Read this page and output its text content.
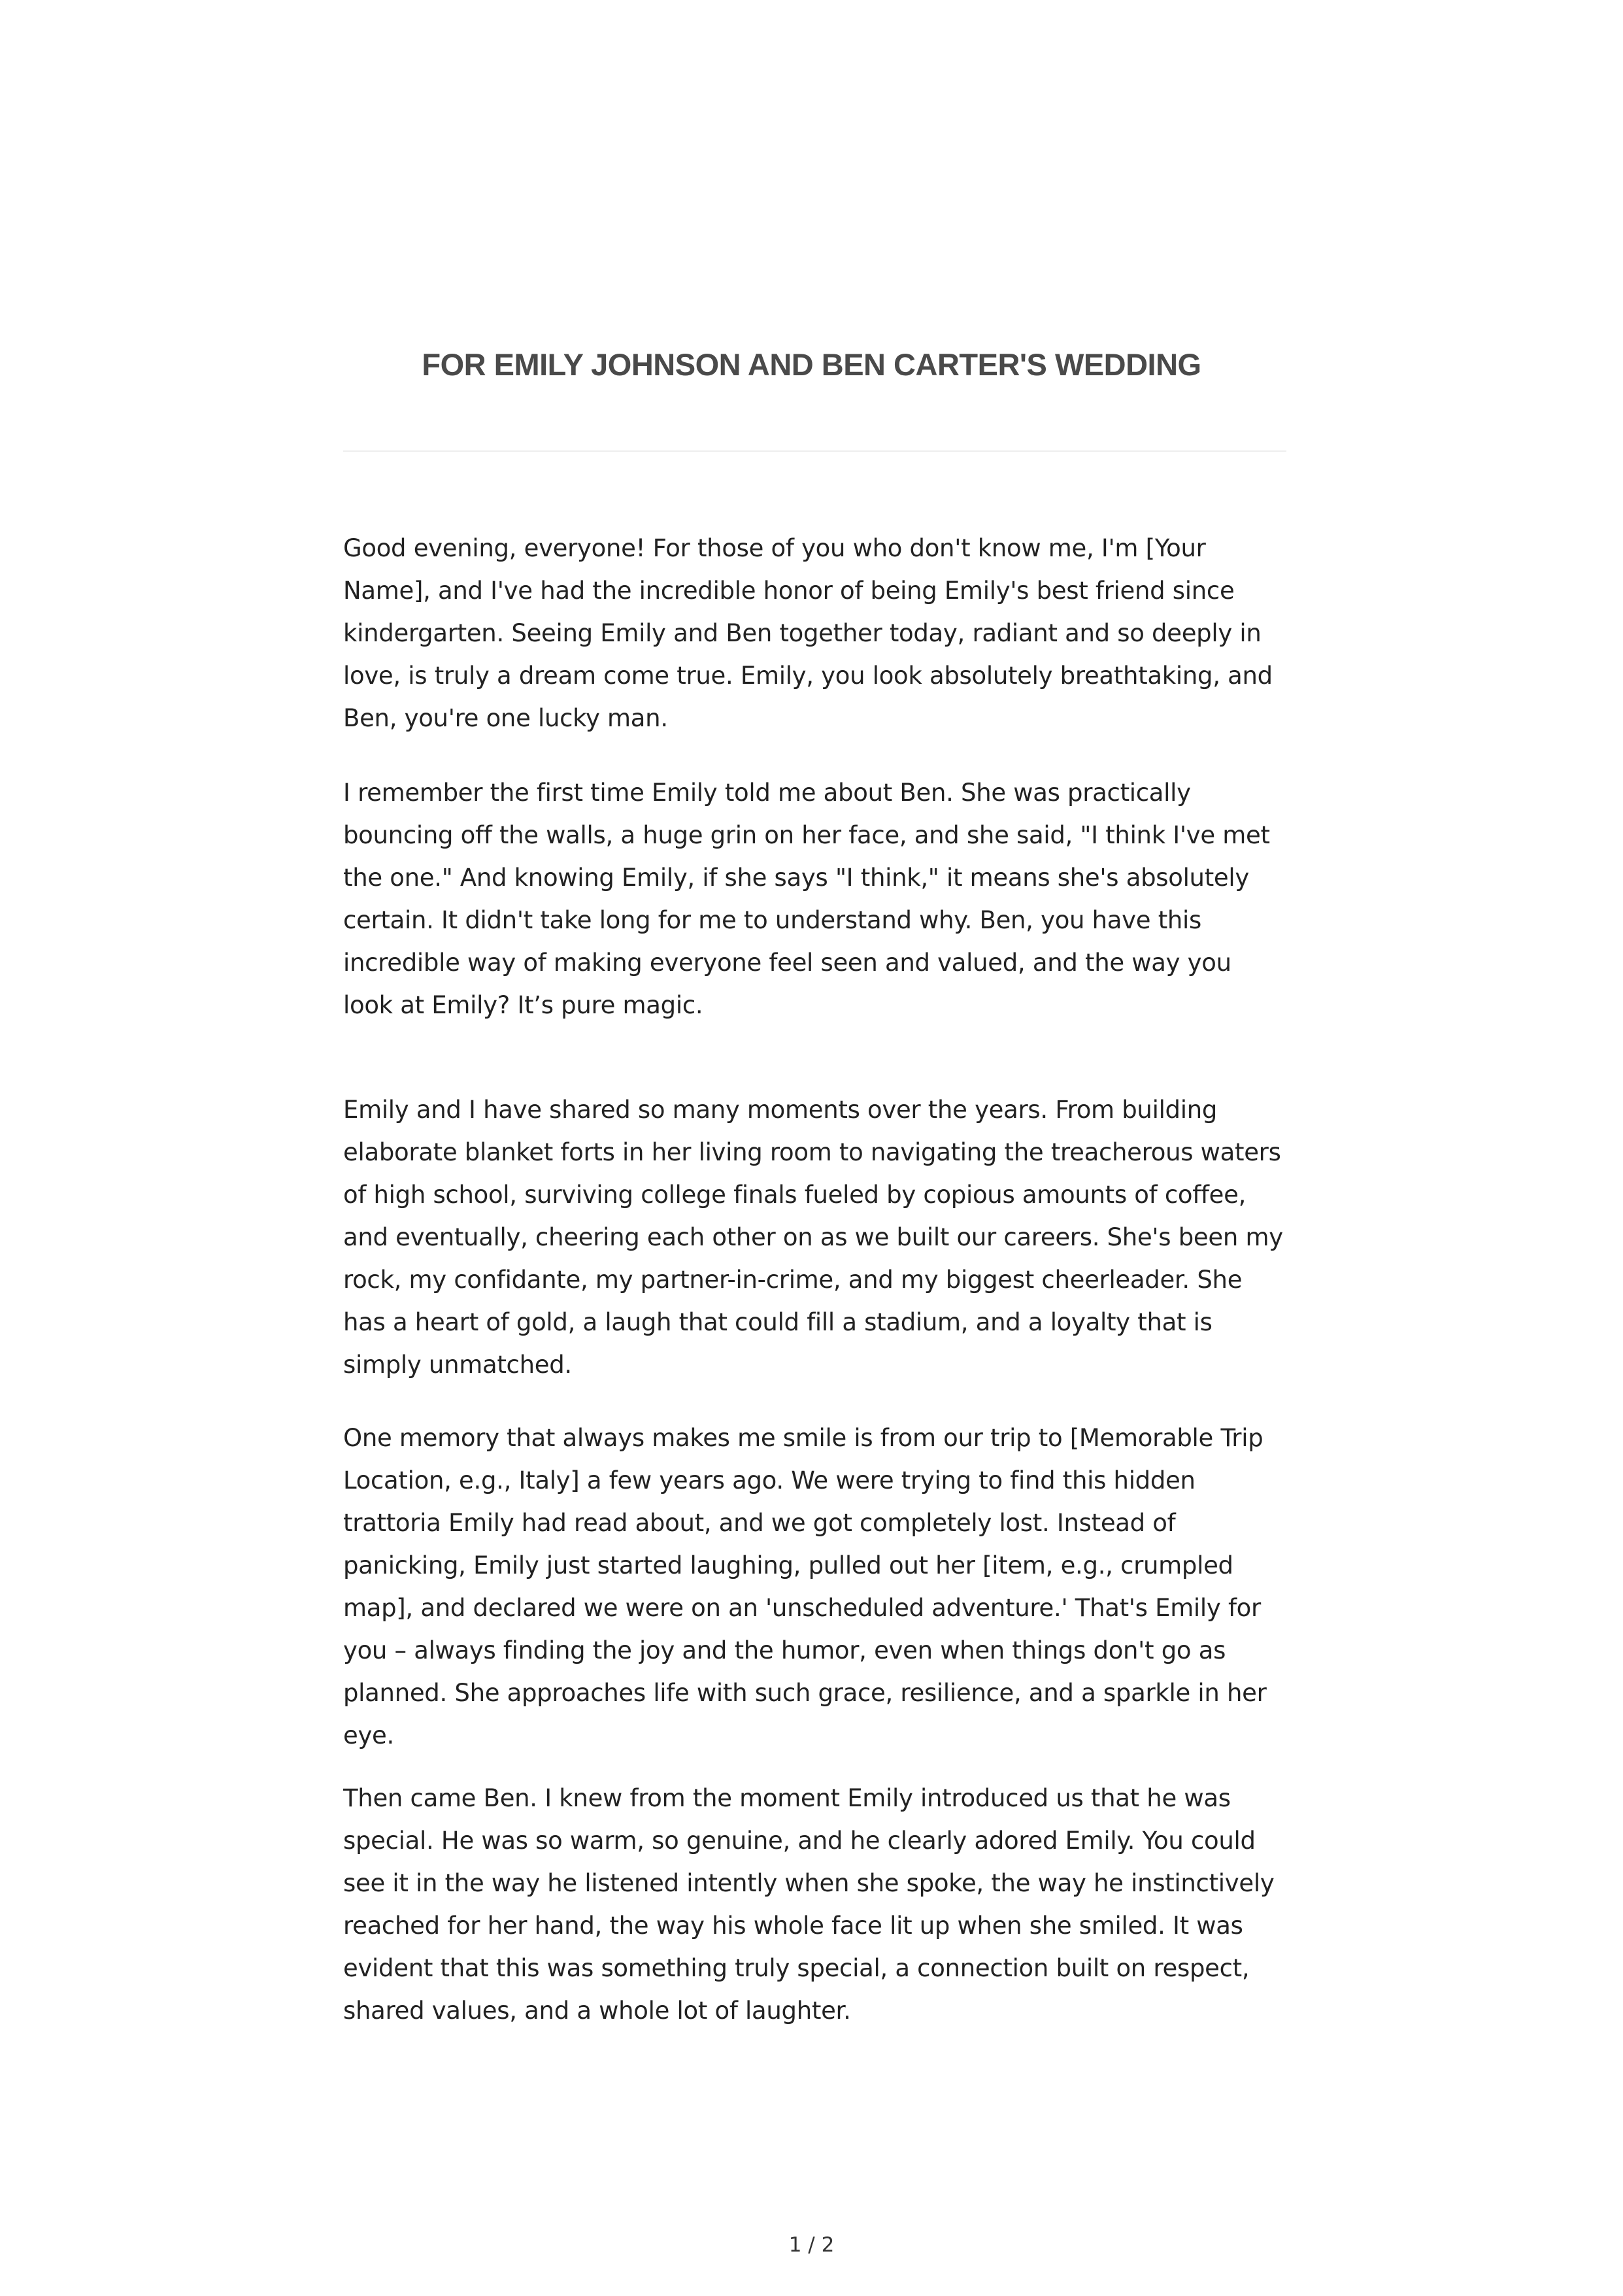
FOR EMILY JOHNSON AND BEN CARTER'S WEDDING

Good evening, everyone! For those of you who don't know me, I'm [Your Name], and I've had the incredible honor of being Emily's best friend since kindergarten. Seeing Emily and Ben together today, radiant and so deeply in love, is truly a dream come true. Emily, you look absolutely breathtaking, and Ben, you're one lucky man.

I remember the first time Emily told me about Ben. She was practically bouncing off the walls, a huge grin on her face, and she said, "I think I've met the one." And knowing Emily, if she says "I think," it means she's absolutely certain. It didn't take long for me to understand why. Ben, you have this incredible way of making everyone feel seen and valued, and the way you look at Emily? It’s pure magic.

Emily and I have shared so many moments over the years. From building elaborate blanket forts in her living room to navigating the treacherous waters of high school, surviving college finals fueled by copious amounts of coffee, and eventually, cheering each other on as we built our careers. She's been my rock, my confidante, my partner-in-crime, and my biggest cheerleader. She has a heart of gold, a laugh that could fill a stadium, and a loyalty that is simply unmatched.

One memory that always makes me smile is from our trip to [Memorable Trip Location, e.g., Italy] a few years ago. We were trying to find this hidden trattoria Emily had read about, and we got completely lost. Instead of panicking, Emily just started laughing, pulled out her [item, e.g., crumpled map], and declared we were on an 'unscheduled adventure.' That's Emily for you – always finding the joy and the humor, even when things don't go as planned. She approaches life with such grace, resilience, and a sparkle in her eye.

Then came Ben. I knew from the moment Emily introduced us that he was special. He was so warm, so genuine, and he clearly adored Emily. You could see it in the way he listened intently when she spoke, the way he instinctively reached for her hand, the way his whole face lit up when she smiled. It was evident that this was something truly special, a connection built on respect, shared values, and a whole lot of laughter.

1 / 2
